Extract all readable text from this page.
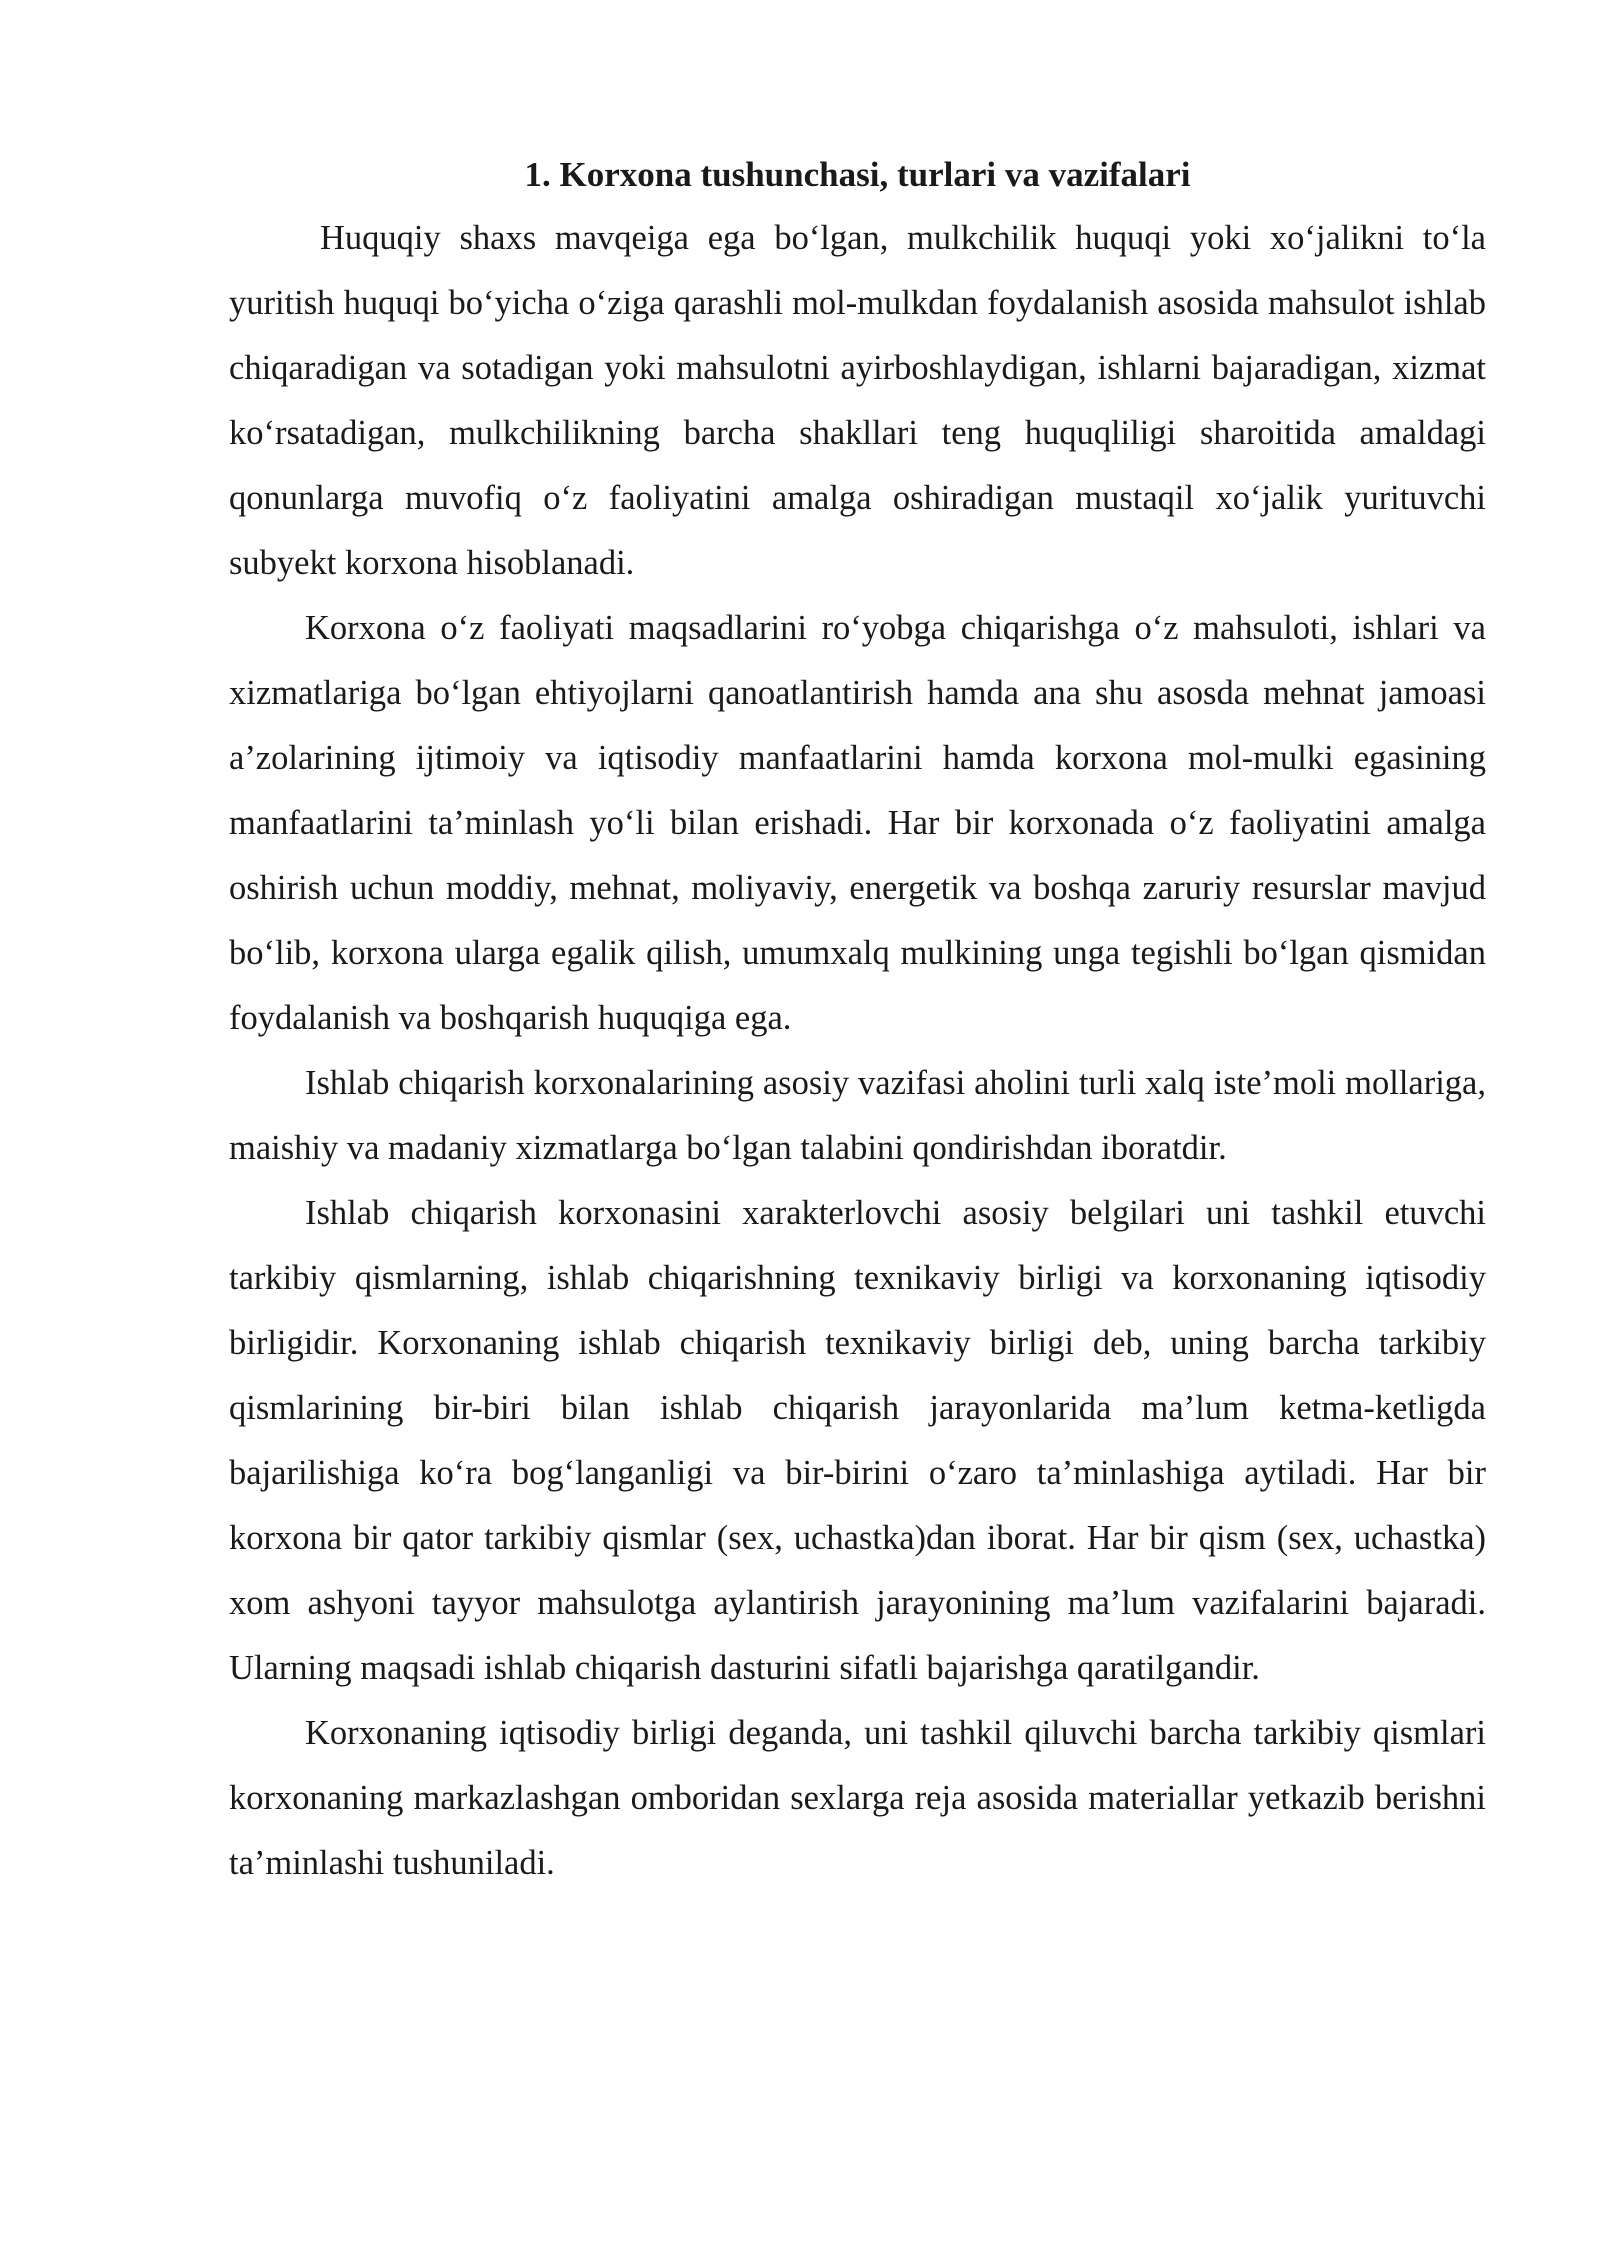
1. Korxona tushunchasi, turlari va vazifalari

Huquqiy shaxs mavqeiga ega bo‘lgan, mulkchilik huquqi yoki xo‘jalikni to‘la yuritish huquqi bo‘yicha o‘ziga qarashli mol-mulkdan foydalanish asosida mahsulot ishlab chiqaradigan va sotadigan yoki mahsulotni ayirboshlaydigan, ishlarni bajaradigan, xizmat ko‘rsatadigan, mulkchilikning barcha shakllari teng huquqliligi sharoitida amaldagi qonunlarga muvofiq o‘z faoliyatini amalga oshiradigan mustaqil xo‘jalik yurituvchi subyekt korxona hisoblanadi.

Korxona o‘z faoliyati maqsadlarini ro‘yobga chiqarishga o‘z mahsuloti, ishlari va xizmatlariga bo‘lgan ehtiyojlarni qanoatlantirish hamda ana shu asosda mehnat jamoasi a’zolarining ijtimoiy va iqtisodiy manfaatlarini hamda korxona mol-mulki egasining manfaatlarini ta’minlash yo‘li bilan erishadi. Har bir korxonada o‘z faoliyatini amalga oshirish uchun moddiy, mehnat, moliyaviy, energetik va boshqa zaruriy resurslar mavjud bo‘lib, korxona ularga egalik qilish, umumxalq mulkining unga tegishli bo‘lgan qismidan foydalanish va boshqarish huquqiga ega.

Ishlab chiqarish korxonalarining asosiy vazifasi aholini turli xalq iste’moli mollariga, maishiy va madaniy xizmatlarga bo‘lgan talabini qondirishdan iboratdir.

Ishlab chiqarish korxonasini xarakterlovchi asosiy belgilari uni tashkil etuvchi tarkibiy qismlarning, ishlab chiqarishning texnikaviy birligi va korxonaning iqtisodiy birligidir. Korxonaning ishlab chiqarish texnikaviy birligi deb, uning barcha tarkibiy qismlarining bir-biri bilan ishlab chiqarish jarayonlarida ma’lum ketma-ketligda bajarilishiga ko‘ra bog‘langanligi va bir-birini o‘zaro ta’minlashiga aytiladi. Har bir korxona bir qator tarkibiy qismlar (sex, uchastka)dan iborat. Har bir qism (sex, uchastka) xom ashyoni tayyor mahsulotga aylantirish jarayonining ma’lum vazifalarini bajaradi. Ularning maqsadi ishlab chiqarish dasturini sifatli bajarishga qaratilgandir.

Korxonaning iqtisodiy birligi deganda, uni tashkil qiluvchi barcha tarkibiy qismlari korxonaning markazlashgan omboridan sexlarga reja asosida materiallar yetkazib berishni ta’minlashi tushuniladi.
